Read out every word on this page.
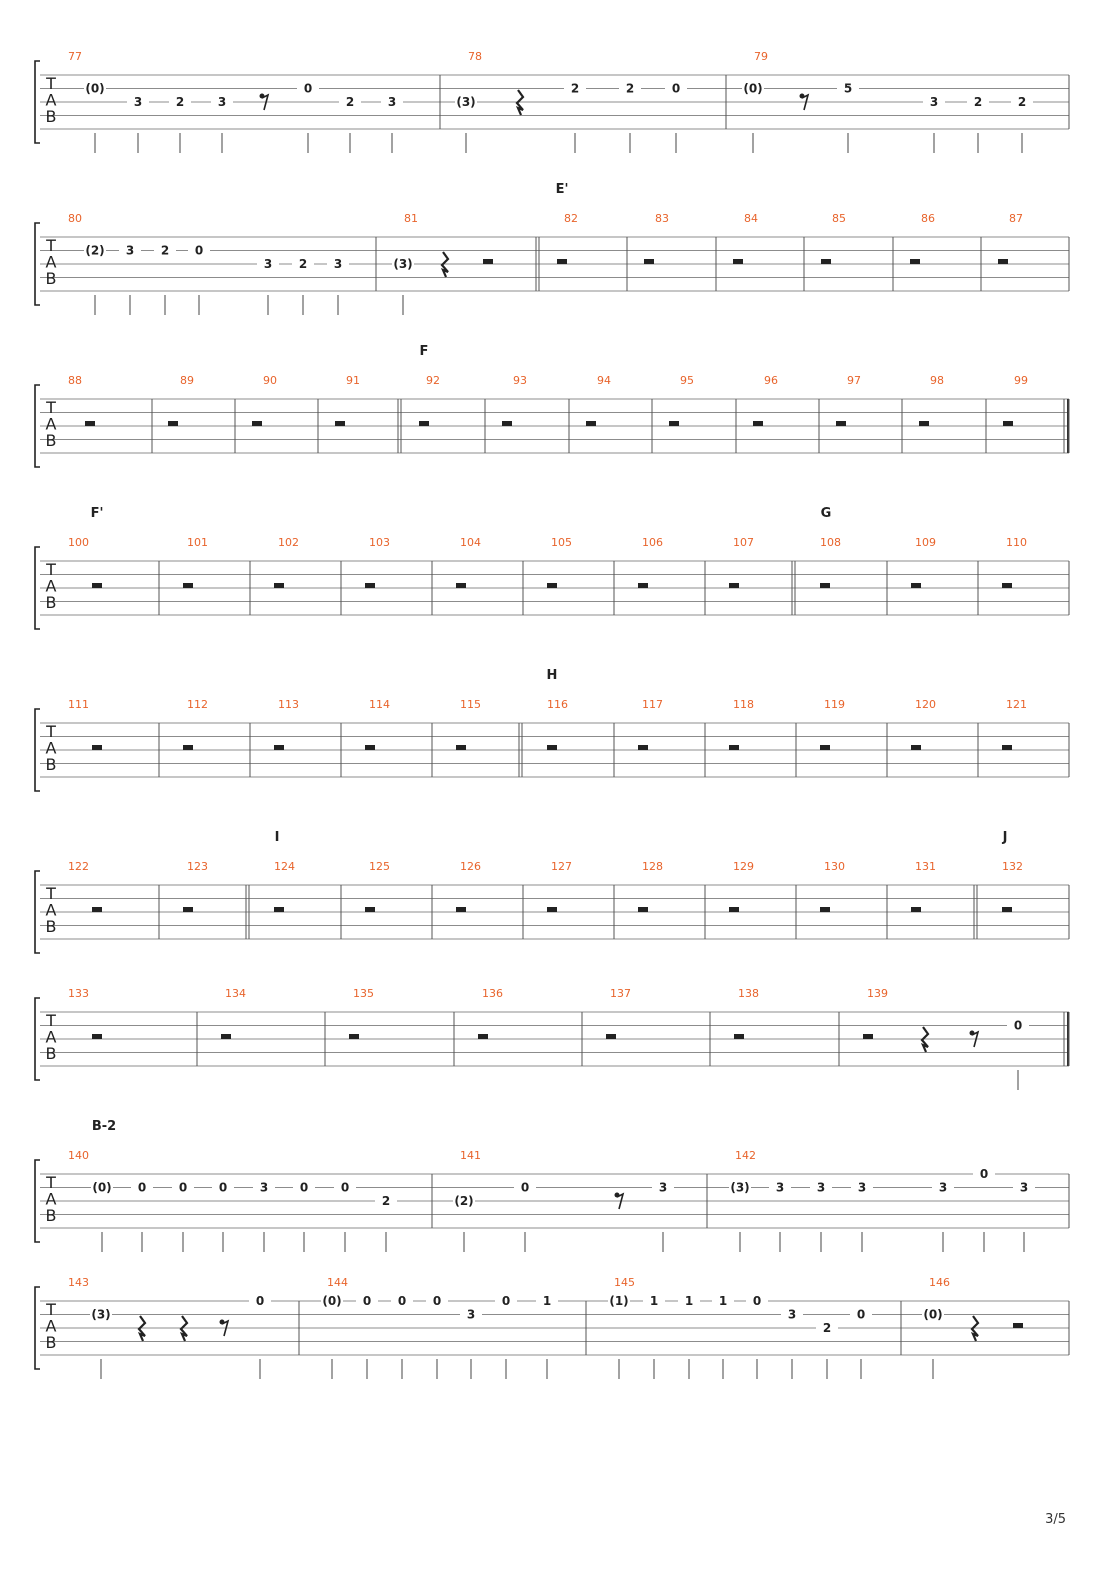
T
A
B
77	78	79
(0)
3	2	3
0
2	3	(3)
2	2	0	(0)	5
3	2	2
T
A
B
80	81	82	83	84	85	86	87
E'
(2) 3 2 0
3 2 3	(3)
T
A
B
88	89	90	91	92	93	94	95	96	97	98	99
F
T
A
B
100	101	102	103	104	105	106	107	108	109	110
F'	G
T
A
B
111	112	113	114	115	116	117	118	119	120	121
H
T
A
B
122	123	124	125	126	127	128	129	130	131	132
I	J
T
A
B
133	134	135	136	137	138	139
0
T
A
B
140	141	142
B-2
(0) 0	0	0	3	0	0
2	(2)
0	3	(3) 3	3	3	3
0
3
T
A
B
143	144	145	146
(3)
0	(0) 0 0 0
3
0	1	(1) 1 1 1 0
3
2
0	(0)
3/5
